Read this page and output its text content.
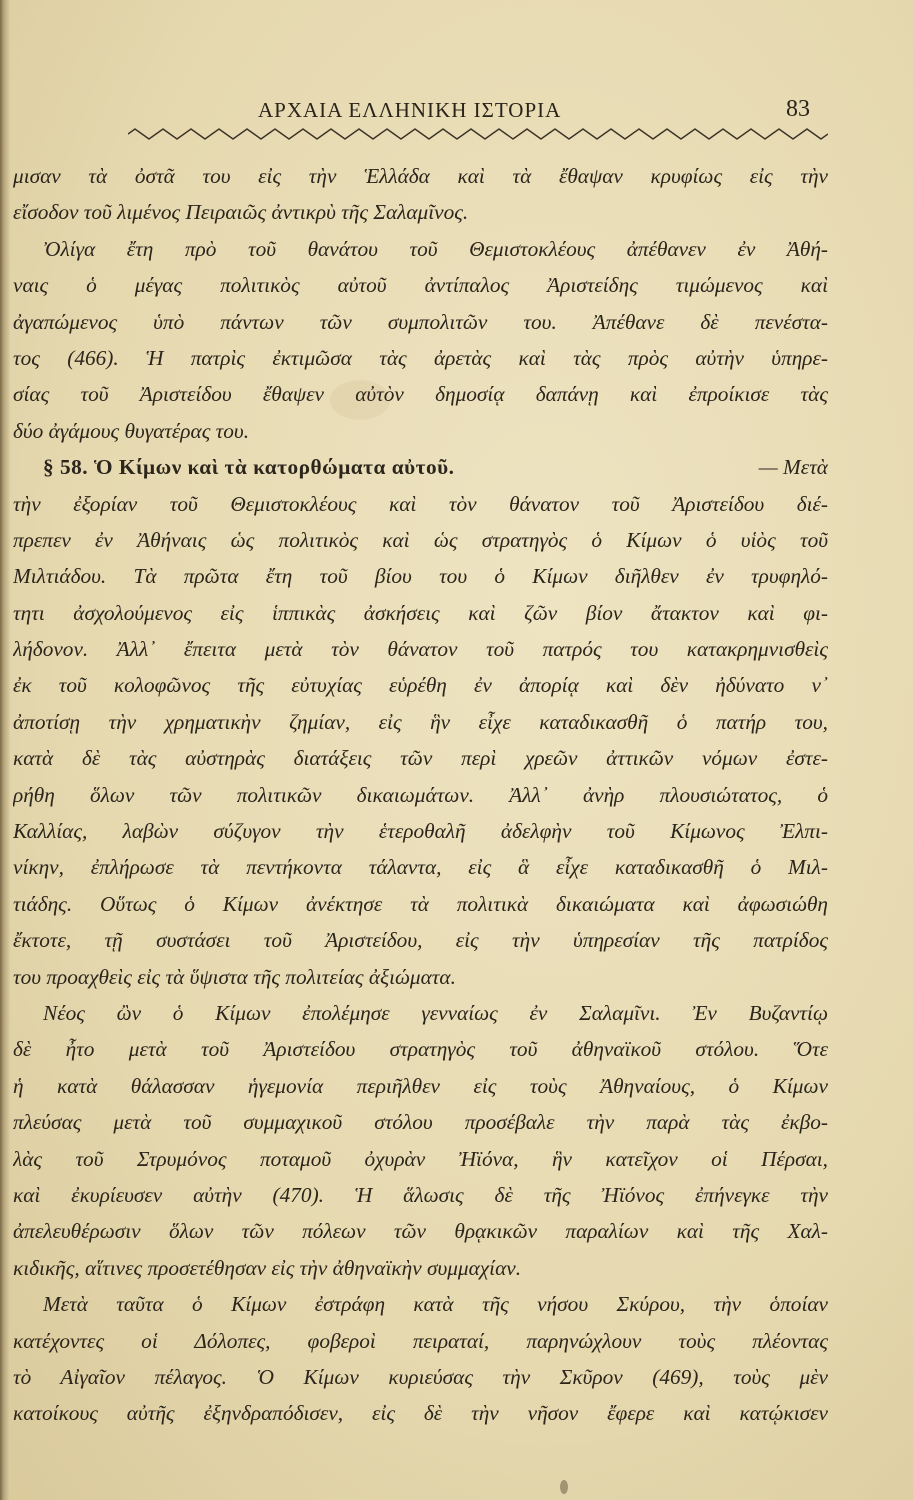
ΑΡΧΑΙΑ ΕΛΛΗΝΙΚΗ ΙΣΤΟΡΙΑ	83
μισαν τὰ ὀστᾶ του εἰς τὴν Ἑλλάδα καὶ τὰ ἔθαψαν κρυφίως εἰς τὴν
εἴσοδον τοῦ λιμένος Πειραιῶς ἀντικρὺ τῆς Σαλαμῖνος.
Ὀλίγα ἔτη πρὸ τοῦ θανάτου τοῦ Θεμιστοκλέους ἀπέθανεν ἐν Ἀθή-
ναις ὁ μέγας πολιτικὸς αὐτοῦ ἀντίπαλος Ἀριστείδης τιμώμενος καὶ
ἀγαπώμενος ὑπὸ πάντων τῶν συμπολιτῶν του. Ἀπέθανε δὲ πενέστα-
τος (466). Ἡ πατρὶς ἐκτιμῶσα τὰς ἀρετὰς καὶ τὰς πρὸς αὐτὴν ὑπηρε-
σίας τοῦ Ἀριστείδου ἔθαψεν αὐτὸν δημοσίᾳ δαπάνῃ καὶ ἐπροίκισε τὰς
δύο ἀγάμους θυγατέρας του.
§ 58. Ὁ Κίμων καὶ τὰ κατορθώματα αὐτοῦ.	— Μετὰ
τὴν ἐξορίαν τοῦ Θεμιστοκλέους καὶ τὸν θάνατον τοῦ Ἀριστείδου διέ-
πρεπεν ἐν Ἀθήναις ὡς πολιτικὸς καὶ ὡς στρατηγὸς ὁ Κίμων ὁ υἱὸς τοῦ
Μιλτιάδου. Τὰ πρῶτα ἔτη τοῦ βίου του ὁ Κίμων διῆλθεν ἐν τρυφηλό-
τητι ἀσχολούμενος εἰς ἱππικὰς ἀσκήσεις καὶ ζῶν βίον ἄτακτον καὶ φι-
λήδονον. Ἀλλ᾽ ἔπειτα μετὰ τὸν θάνατον τοῦ πατρός του κατακρημνισθεὶς
ἐκ τοῦ κολοφῶνος τῆς εὐτυχίας εὑρέθη ἐν ἀπορίᾳ καὶ δὲν ἠδύνατο ν᾽
ἀποτίσῃ τὴν χρηματικὴν ζημίαν, εἰς ἣν εἶχε καταδικασθῆ ὁ πατήρ του,
κατὰ δὲ τὰς αὐστηρὰς διατάξεις τῶν περὶ χρεῶν ἀττικῶν νόμων ἐστε-
ρήθη ὅλων τῶν πολιτικῶν δικαιωμάτων. Ἀλλ᾽ ἀνὴρ πλουσιώτατος, ὁ
Καλλίας, λαβὼν σύζυγον τὴν ἑτεροθαλῆ ἀδελφὴν τοῦ Κίμωνος Ἐλπι-
νίκην, ἐπλήρωσε τὰ πεντήκοντα τάλαντα, εἰς ἃ εἶχε καταδικασθῆ ὁ Μιλ-
τιάδης. Οὕτως ὁ Κίμων ἀνέκτησε τὰ πολιτικὰ δικαιώματα καὶ ἀφωσιώθη
ἔκτοτε, τῇ συστάσει τοῦ Ἀριστείδου, εἰς τὴν ὑπηρεσίαν τῆς πατρίδος
του προαχθεὶς εἰς τὰ ὕψιστα τῆς πολιτείας ἀξιώματα.
Νέος ὢν ὁ Κίμων ἐπολέμησε γενναίως ἐν Σαλαμῖνι. Ἐν Βυζαντίῳ
δὲ ἦτο μετὰ τοῦ Ἀριστείδου στρατηγὸς τοῦ ἀθηναϊκοῦ στόλου. Ὅτε
ἡ κατὰ θάλασσαν ἡγεμονία περιῆλθεν εἰς τοὺς Ἀθηναίους, ὁ Κίμων
πλεύσας μετὰ τοῦ συμμαχικοῦ στόλου προσέβαλε τὴν παρὰ τὰς ἐκβο-
λὰς τοῦ Στρυμόνος ποταμοῦ ὀχυρὰν Ἠϊόνα, ἣν κατεῖχον οἱ Πέρσαι,
καὶ ἐκυρίευσεν αὐτὴν (470). Ἡ ἅλωσις δὲ τῆς Ἠϊόνος ἐπήνεγκε τὴν
ἀπελευθέρωσιν ὅλων τῶν πόλεων τῶν θρᾳκικῶν παραλίων καὶ τῆς Χαλ-
κιδικῆς, αἵτινες προσετέθησαν εἰς τὴν ἀθηναϊκὴν συμμαχίαν.
Μετὰ ταῦτα ὁ Κίμων ἐστράφη κατὰ τῆς νήσου Σκύρου, τὴν ὁποίαν
κατέχοντες οἱ Δόλοπες, φοβεροὶ πειραταί, παρηνώχλουν τοὺς πλέοντας
τὸ Αἰγαῖον πέλαγος. Ὁ Κίμων κυριεύσας τὴν Σκῦρον (469), τοὺς μὲν
κατοίκους αὐτῆς ἐξηνδραπόδισεν, εἰς δὲ τὴν νῆσον ἔφερε καὶ κατῴκισεν
